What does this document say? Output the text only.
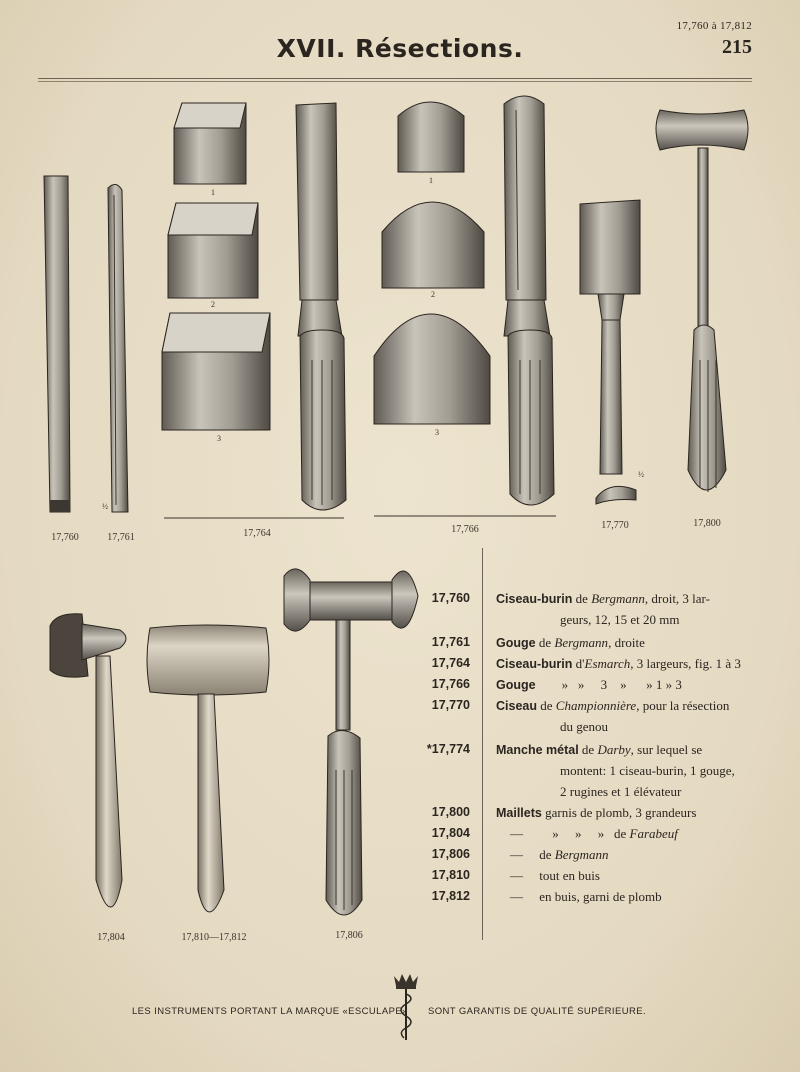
17,760 à 17,812
215
XVII. Résections.
17,760	17,761
½
17,764	17,766	17,770
½
17,800
17,804	17,810—17,812	17,806
1
2
3
1
2
3
17,760 Ciseau-burin de Bergmann, droit, 3 lar-
geurs, 12, 15 et 20 mm
17,761 Gouge de Bergmann, droite
17,764 Ciseau-burin d'Esmarch, 3 largeurs, fig. 1 à 3
17,766 Gouge        »   »     3    »      » 1 » 3
17,770 Ciseau de Championnière, pour la résection
du genou
*17,774 Manche métal de Darby, sur lequel se
montent: 1 ciseau-burin, 1 gouge,
2 rugines et 1 élévateur
17,800 Maillets garnis de plomb, 3 grandeurs
17,804	—         »     »     »   de Farabeuf
17,806	—     de Bergmann
17,810	—     tout en buis
17,812	—     en buis, garni de plomb
LES INSTRUMENTS PORTANT LA MARQUE «ESCULAPE» SONT GARANTIS DE QUALITÉ SUPÉRIEURE.
